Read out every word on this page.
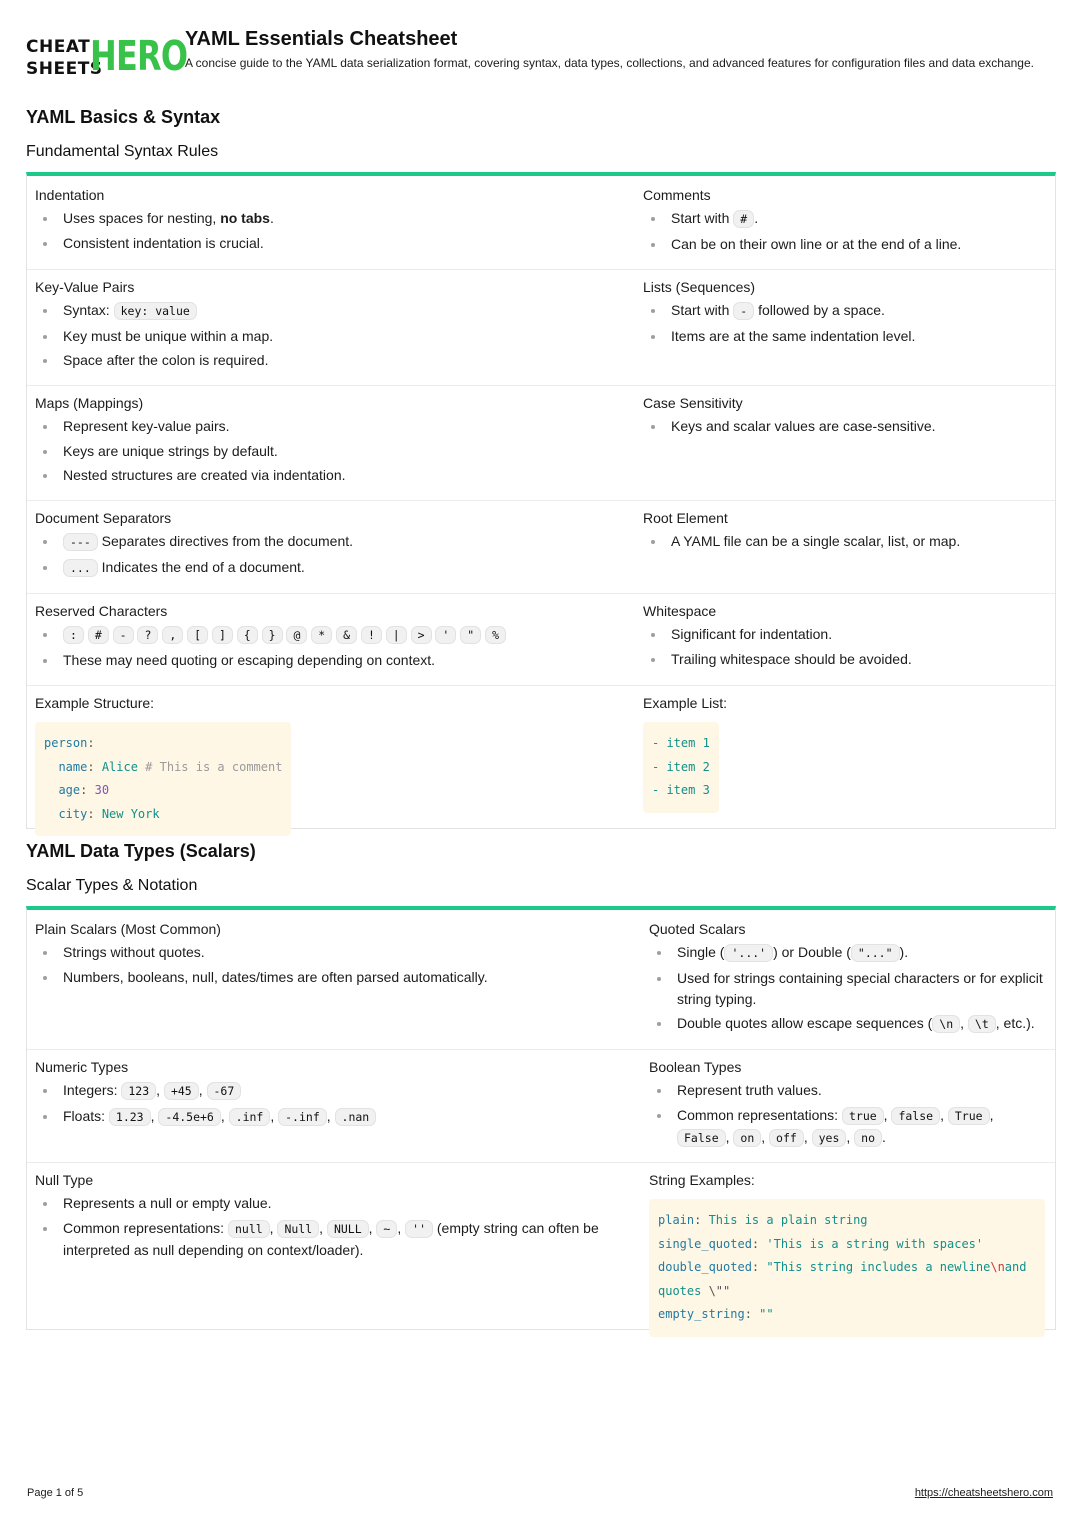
CHEAT
SHEETS
HERO
YAML Essentials Cheatsheet
A concise guide to the YAML data serialization format, covering syntax, data types, collections, and advanced features for configuration files and data exchange.
YAML Basics & Syntax
Fundamental Syntax Rules
Indentation
Uses spaces for nesting, no tabs.
Consistent indentation is crucial.
Comments
Start with # .
Can be on their own line or at the end of a line.
Key-Value Pairs
Syntax: key: value
Key must be unique within a map.
Space after the colon is required.
Lists (Sequences)
Start with - followed by a space.
Items are at the same indentation level.
Maps (Mappings)
Represent key-value pairs.
Keys are unique strings by default.
Nested structures are created via indentation.
Case Sensitivity
Keys and scalar values are case-sensitive.
Document Separators
--- Separates directives from the document.
... Indicates the end of a document.
Root Element
A YAML file can be a single scalar, list, or map.
Reserved Characters
: # - ? , [ ] { } @ * & ! | > ' " %
These may need quoting or escaping depending on context.
Whitespace
Significant for indentation.
Trailing whitespace should be avoided.
Example Structure:
person:
name: Alice # This is a comment
age: 30
city: New York
Example List:
- item 1
- item 2
- item 3
YAML Data Types (Scalars)
Scalar Types & Notation
Plain Scalars (Most Common)
Strings without quotes.
Numbers, booleans, null, dates/times are often parsed automatically.
Quoted Scalars
Single ( '...' ) or Double ( "..." ).
Used for strings containing special characters or for explicit string typing.
Double quotes allow escape sequences ( \n , \t , etc.).
Numeric Types
Integers: 123 , +45 , -67
Floats: 1.23 , -4.5e+6 , .inf , -.inf , .nan
Boolean Types
Represent truth values.
Common representations: true , false , True , False , on , off , yes , no .
Null Type
Represents a null or empty value.
Common representations: null , Null , NULL , ~ , '' (empty string can often be interpreted as null depending on context/loader).
String Examples:
plain: This is a plain string
single_quoted: 'This is a string with spaces'
double_quoted: "This string includes a newline\nand
quotes \""
empty_string: ""
Page 1 of 5	https://cheatsheetshero.com
